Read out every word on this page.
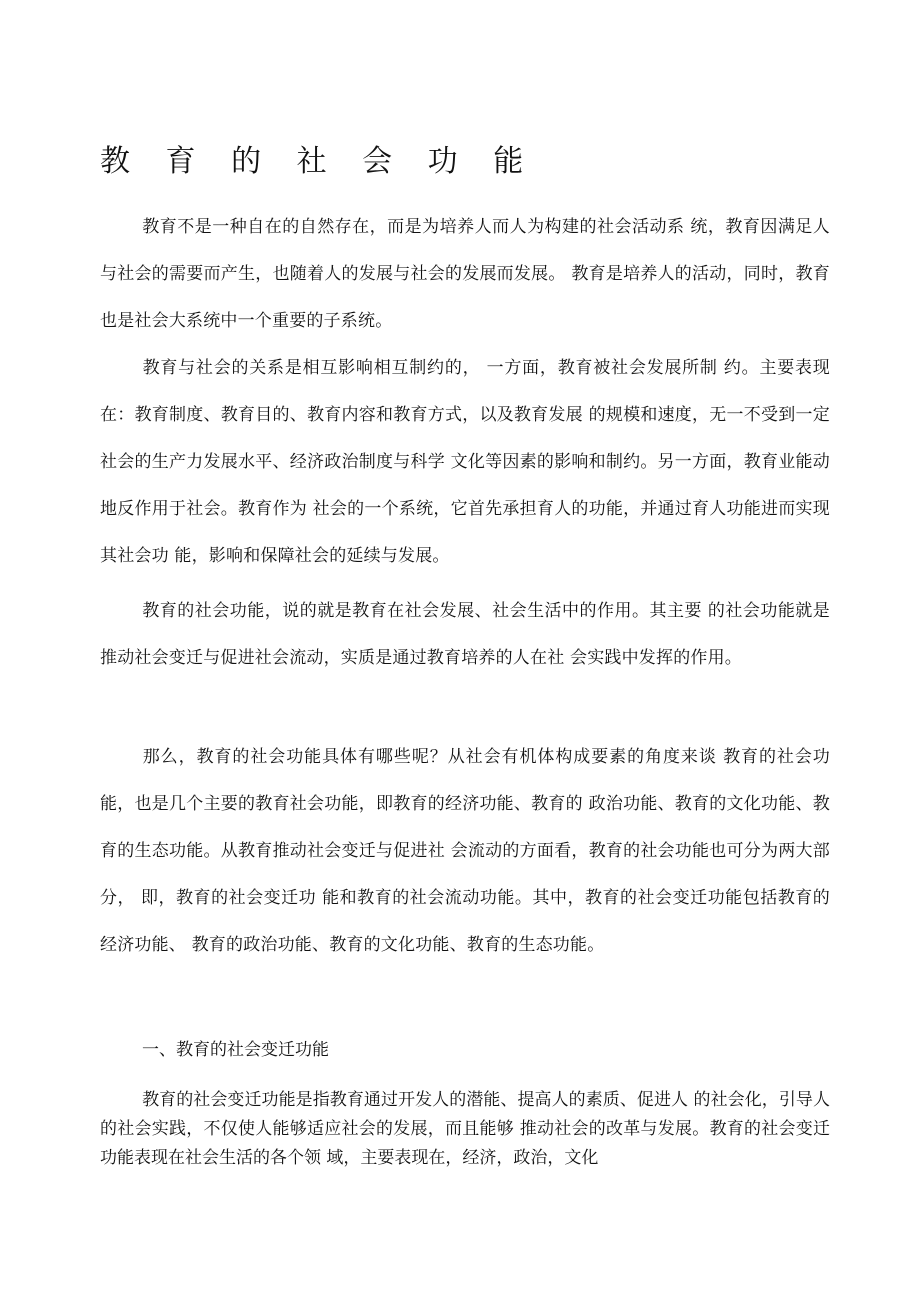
教 育 的 社 会 功 能

教育不是一种自在的自然存在，而是为培养人而人为构建的社会活动系 统，教育因满足人与社会的需要而产生，也随着人的发展与社会的发展而发展。 教育是培养人的活动，同时，教育也是社会大系统中一个重要的子系统。

教育与社会的关系是相互影响相互制约的， 一方面，教育被社会发展所制 约。主要表现在：教育制度、教育目的、教育内容和教育方式，以及教育发展 的规模和速度，无一不受到一定社会的生产力发展水平、经济政治制度与科学 文化等因素的影响和制约。另一方面，教育业能动地反作用于社会。教育作为 社会的一个系统，它首先承担育人的功能，并通过育人功能进而实现其社会功 能，影响和保障社会的延续与发展。

教育的社会功能，说的就是教育在社会发展、社会生活中的作用。其主要 的社会功能就是推动社会变迁与促进社会流动，实质是通过教育培养的人在社 会实践中发挥的作用。

那么，教育的社会功能具体有哪些呢？从社会有机体构成要素的角度来谈 教育的社会功能，也是几个主要的教育社会功能，即教育的经济功能、教育的 政治功能、教育的文化功能、教育的生态功能。从教育推动社会变迁与促进社 会流动的方面看，教育的社会功能也可分为两大部分， 即，教育的社会变迁功 能和教育的社会流动功能。其中，教育的社会变迁功能包括教育的经济功能、 教育的政治功能、教育的文化功能、教育的生态功能。

一、教育的社会变迁功能

教育的社会变迁功能是指教育通过开发人的潜能、提高人的素质、促进人 的社会化，引导人的社会实践，不仅使人能够适应社会的发展，而且能够 推动社会的改革与发展。教育的社会变迁功能表现在社会生活的各个领 域，主要表现在，经济，政治，文化
